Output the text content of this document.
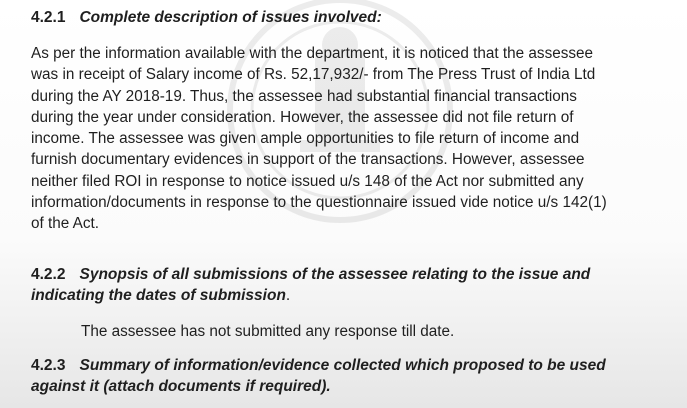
4.2.1 Complete description of issues involved:
As per the information available with the department, it is noticed that the assessee
was in receipt of Salary income of Rs. 52,17,932/- from The Press Trust of India Ltd
during the AY 2018-19. Thus, the assessee had substantial financial transactions
during the year under consideration. However, the assessee did not file return of
income. The assessee was given ample opportunities to file return of income and
furnish documentary evidences in support of the transactions. However, assessee
neither filed ROI in response to notice issued u/s 148 of the Act nor submitted any
information/documents in response to the questionnaire issued vide notice u/s 142(1)
of the Act.
4.2.2 Synopsis of all submissions of the assessee relating to the issue and
indicating the dates of submission.
The assessee has not submitted any response till date.
4.2.3 Summary of information/evidence collected which proposed to be used
against it (attach documents if required).
